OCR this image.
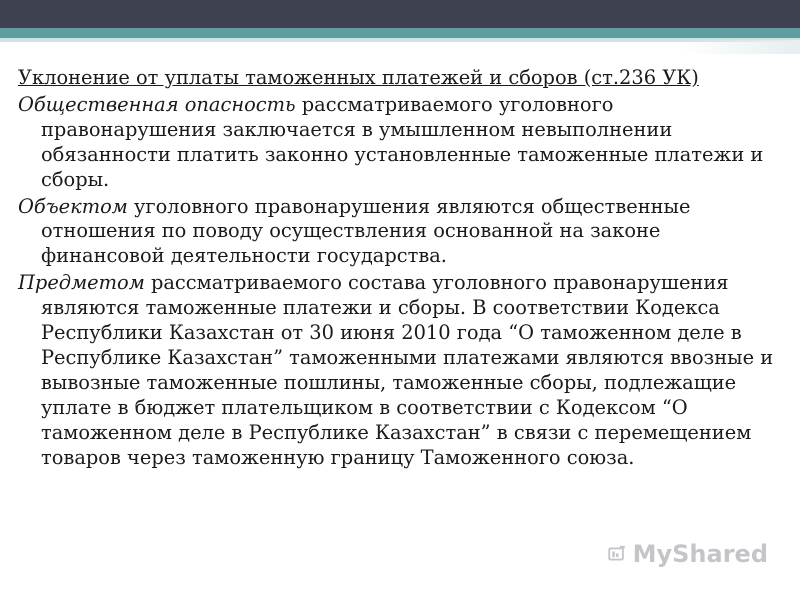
Уклонение от уплаты таможенных платежей и сборов (ст.236 УК)

Общественная опасность рассматриваемого уголовного правонарушения заключается в умышленном невыполнении обязанности платить законно установленные таможенные платежи и сборы.

Объектом уголовного правонарушения являются общественные отношения по поводу осуществления основанной на законе финансовой деятельности государства.

Предметом рассматриваемого состава уголовного правонарушения являются таможенные платежи и сборы. В соответствии Кодекса Республики Казахстан от 30 июня 2010 года “О таможенном деле в Республике Казахстан” таможенными платежами являются ввозные и вывозные таможенные пошлины, таможенные сборы, подлежащие уплате в бюджет плательщиком в соответствии с Кодексом “О таможенном деле в Республике Казахстан” в связи с перемещением товаров через таможенную границу Таможенного союза.

MyShared
